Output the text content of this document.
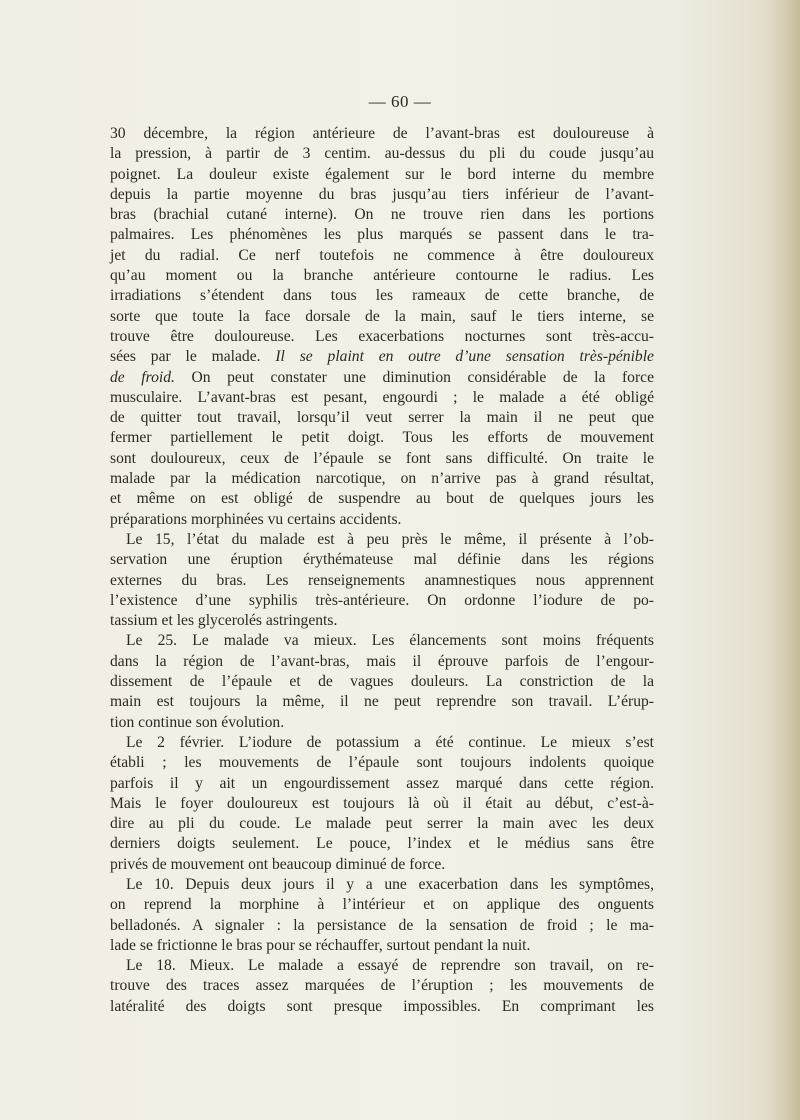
— 60 —
30 décembre, la région antérieure de l’avant-bras est douloureuse à
la pression, à partir de 3 centim. au-dessus du pli du coude jusqu’au
poignet. La douleur existe également sur le bord interne du membre
depuis la partie moyenne du bras jusqu’au tiers inférieur de l’avant-
bras (brachial cutané interne). On ne trouve rien dans les portions
palmaires. Les phénomènes les plus marqués se passent dans le tra-
jet du radial. Ce nerf toutefois ne commence à être douloureux
qu’au moment ou la branche antérieure contourne le radius. Les
irradiations s’étendent dans tous les rameaux de cette branche, de
sorte que toute la face dorsale de la main, sauf le tiers interne, se
trouve être douloureuse. Les exacerbations nocturnes sont très-accu-
sées par le malade. Il se plaint en outre d’une sensation très-pénible
de froid. On peut constater une diminution considérable de la force
musculaire. L’avant-bras est pesant, engourdi ; le malade a été obligé
de quitter tout travail, lorsqu’il veut serrer la main il ne peut que
fermer partiellement le petit doigt. Tous les efforts de mouvement
sont douloureux, ceux de l’épaule se font sans difficulté. On traite le
malade par la médication narcotique, on n’arrive pas à grand résultat,
et même on est obligé de suspendre au bout de quelques jours les
préparations morphinées vu certains accidents.
Le 15, l’état du malade est à peu près le même, il présente à l’ob-
servation une éruption érythémateuse mal définie dans les régions
externes du bras. Les renseignements anamnestiques nous apprennent
l’existence d’une syphilis très-antérieure. On ordonne l’iodure de po-
tassium et les glycerolés astringents.
Le 25. Le malade va mieux. Les élancements sont moins fréquents
dans la région de l’avant-bras, mais il éprouve parfois de l’engour-
dissement de l’épaule et de vagues douleurs. La constriction de la
main est toujours la même, il ne peut reprendre son travail. L’érup-
tion continue son évolution.
Le 2 février. L’iodure de potassium a été continue. Le mieux s’est
établi ; les mouvements de l’épaule sont toujours indolents quoique
parfois il y ait un engourdissement assez marqué dans cette région.
Mais le foyer douloureux est toujours là où il était au début, c’est-à-
dire au pli du coude. Le malade peut serrer la main avec les deux
derniers doigts seulement. Le pouce, l’index et le médius sans être
privés de mouvement ont beaucoup diminué de force.
Le 10. Depuis deux jours il y a une exacerbation dans les symptômes,
on reprend la morphine à l’intérieur et on applique des onguents
belladonés. A signaler : la persistance de la sensation de froid ; le ma-
lade se frictionne le bras pour se réchauffer, surtout pendant la nuit.
Le 18. Mieux. Le malade a essayé de reprendre son travail, on re-
trouve des traces assez marquées de l’éruption ; les mouvements de
latéralité des doigts sont presque impossibles. En comprimant les
